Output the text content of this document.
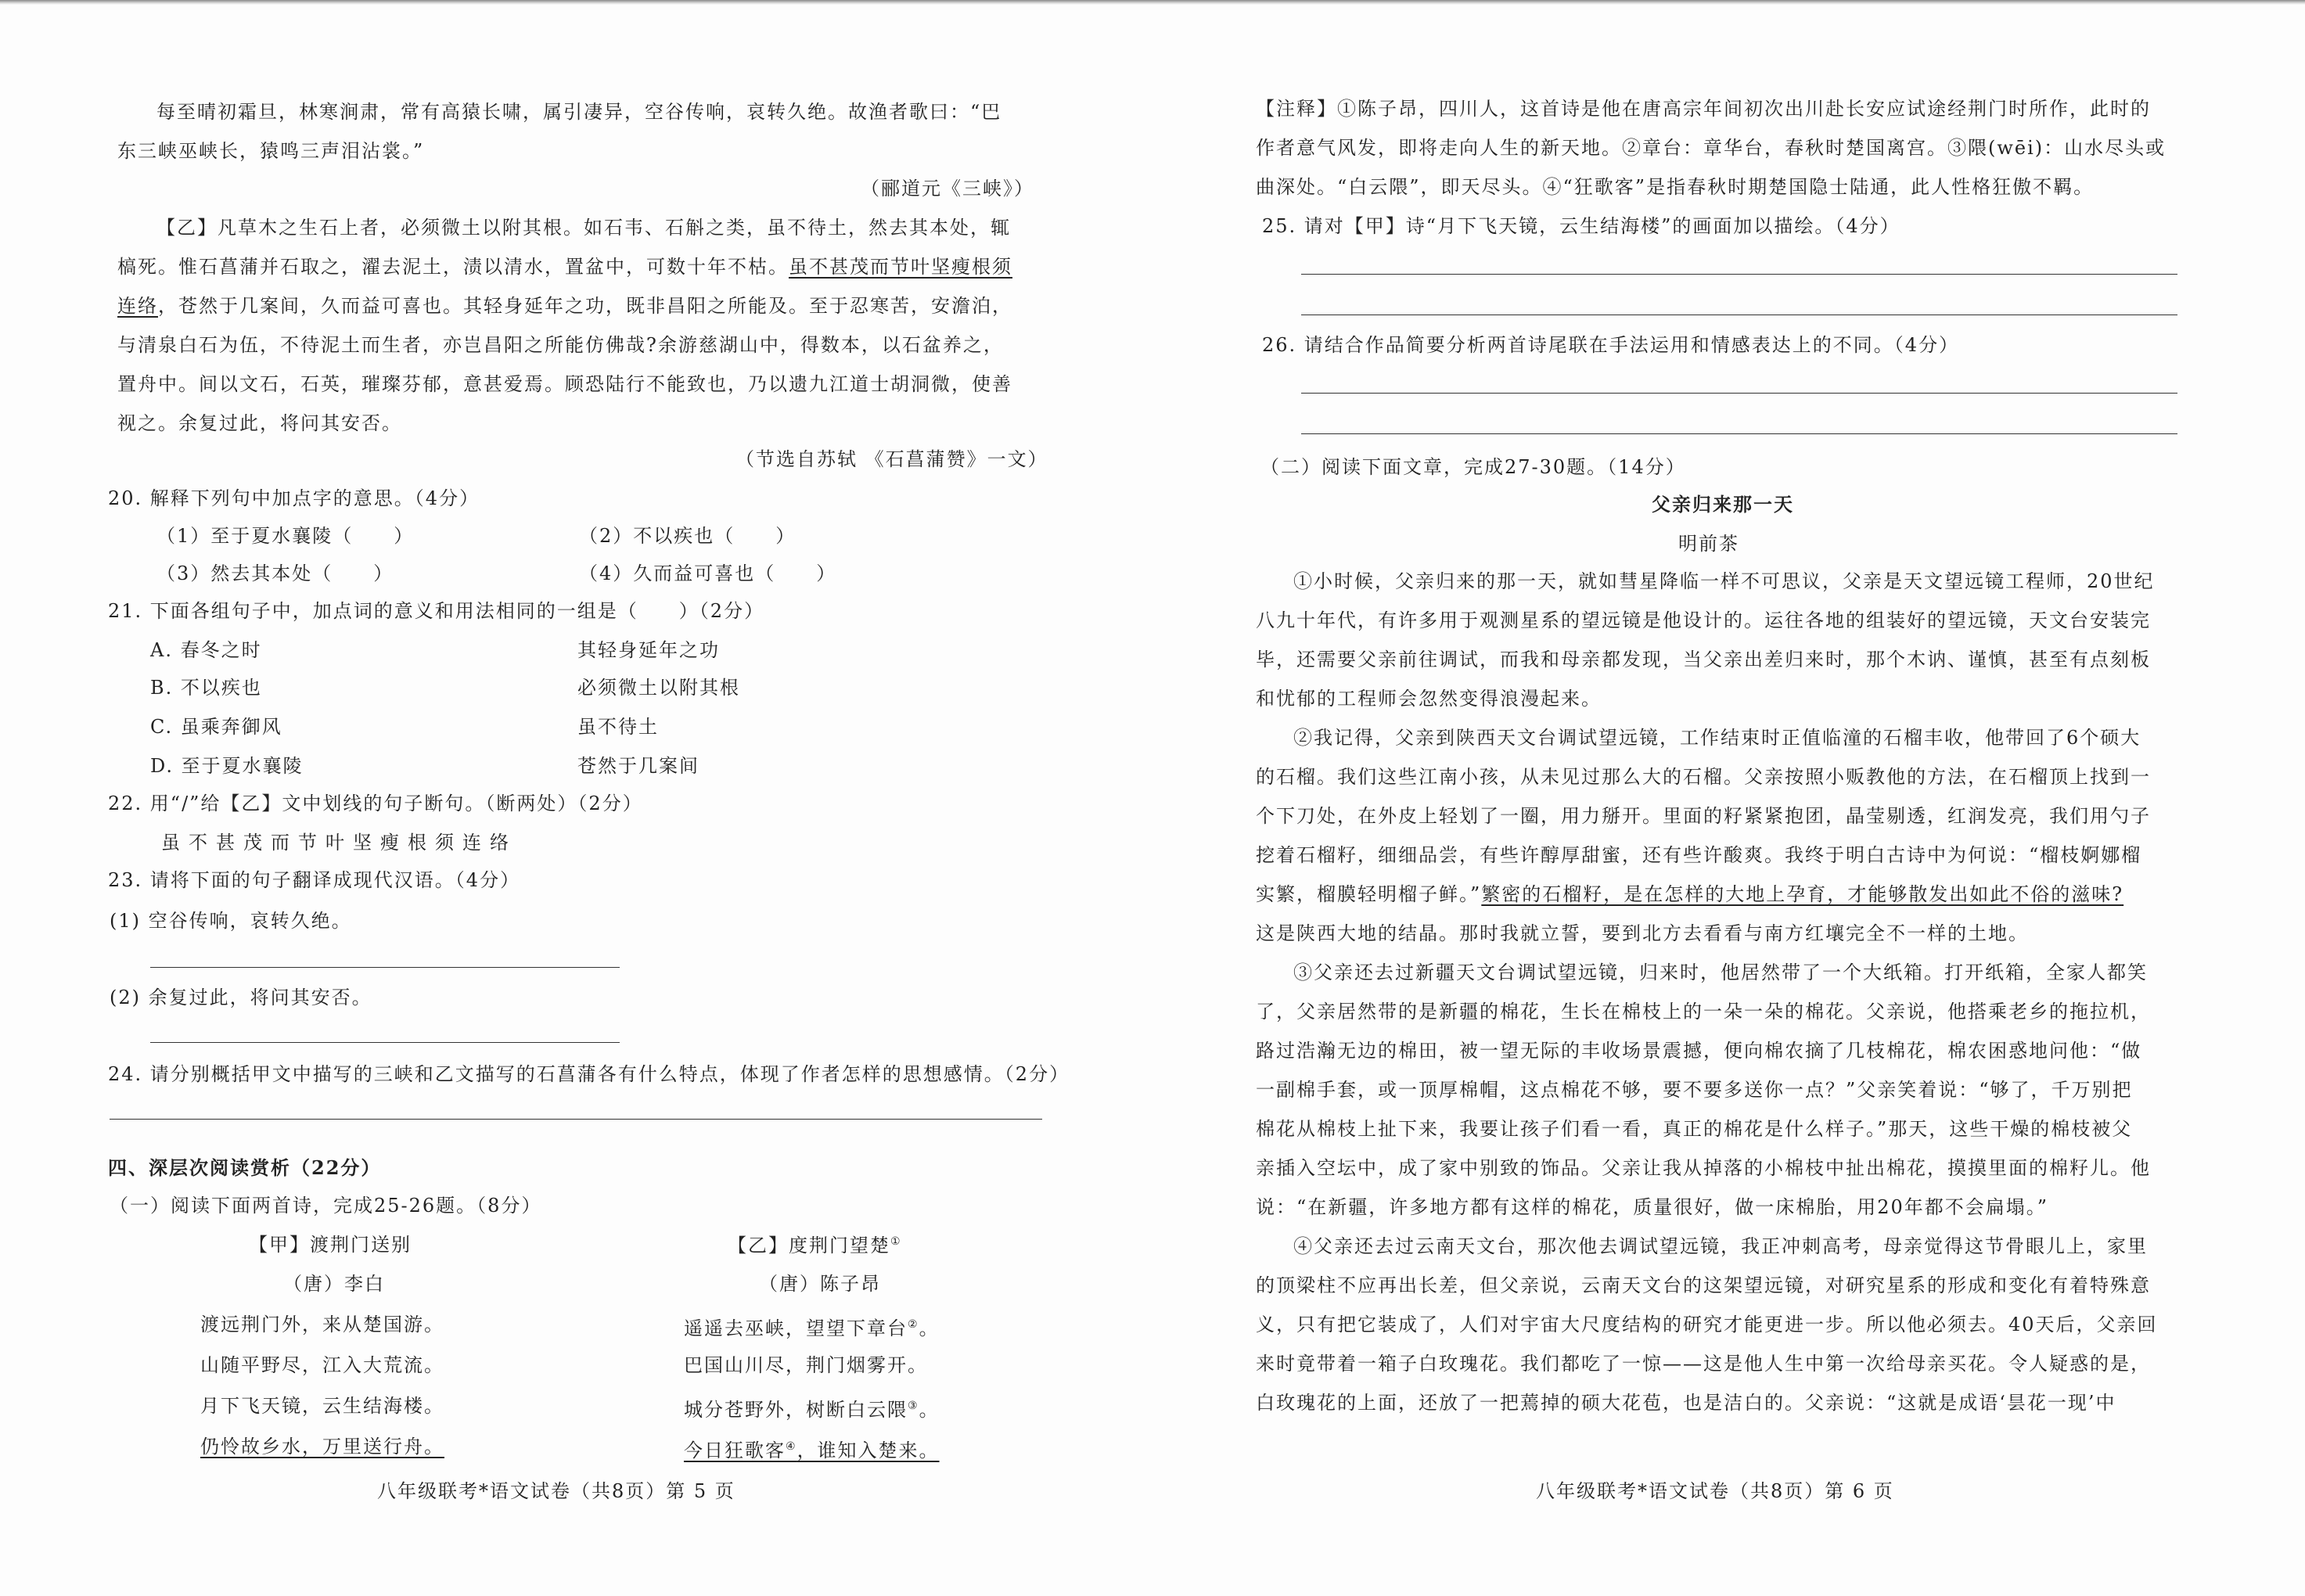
每至晴初霜旦，林寒涧肃，常有高猿长啸，属引凄异，空谷传响，哀转久绝。故渔者歌曰：“巴
东三峡巫峡长，猿鸣三声泪沾裳。”
（郦道元《三峡》）
【乙】凡草木之生石上者，必须微土以附其根。如石韦、石斛之类，虽不待土，然去其本处，辄
槁死。惟石菖蒲并石取之，濯去泥土，渍以清水，置盆中，可数十年不枯。虽不甚茂而节叶坚瘦根须
连络，苍然于几案间，久而益可喜也。其轻身延年之功，既非昌阳之所能及。至于忍寒苦，安澹泊，
与清泉白石为伍，不待泥土而生者，亦岂昌阳之所能仿佛哉?余游慈湖山中，得数本，以石盆养之，
置舟中。间以文石，石英，璀璨芬郁，意甚爱焉。顾恐陆行不能致也，乃以遗九江道士胡洞微，使善
视之。余复过此，将问其安否。
（节选自苏轼 《石菖蒲赞》一文）
20. 解释下列句中加点字的意思。（4分）
（1）至于夏水襄陵（　　）	（2）不以疾也（　　）
（3）然去其本处（　　）	（4）久而益可喜也（　　）
21. 下面各组句子中，加点词的意义和用法相同的一组是（　　）（2分）
A. 春冬之时	其轻身延年之功
B. 不以疾也	必须微土以附其根
C. 虽乘奔御风	虽不待土
D. 至于夏水襄陵	苍然于几案间
22. 用“/”给【乙】文中划线的句子断句。（断两处）（2分）
虽不甚茂而节叶坚瘦根须连络
23. 请将下面的句子翻译成现代汉语。（4分）
(1) 空谷传响，哀转久绝。
(2) 余复过此，将问其安否。
24. 请分别概括甲文中描写的三峡和乙文描写的石菖蒲各有什么特点，体现了作者怎样的思想感情。（2分）
四、深层次阅读赏析（22分）
（一）阅读下面两首诗，完成25-26题。（8分）
【甲】渡荆门送别
（唐）李白
渡远荆门外，来从楚国游。
山随平野尽，江入大荒流。
月下飞天镜，云生结海楼。
仍怜故乡水，万里送行舟。
【乙】度荆门望楚①
（唐）陈子昂
遥遥去巫峡，望望下章台②。
巴国山川尽，荆门烟雾开。
城分苍野外，树断白云隈③。
今日狂歌客④，谁知入楚来。
八年级联考*语文试卷（共8页）第 5 页
【注释】①陈子昂，四川人，这首诗是他在唐高宗年间初次出川赴长安应试途经荆门时所作，此时的
作者意气风发，即将走向人生的新天地。②章台：章华台，春秋时楚国离宫。③隈(wēi)：山水尽头或
曲深处。“白云隈”，即天尽头。④“狂歌客”是指春秋时期楚国隐士陆通，此人性格狂傲不羁。
25. 请对【甲】诗“月下飞天镜，云生结海楼”的画面加以描绘。（4分）
26. 请结合作品简要分析两首诗尾联在手法运用和情感表达上的不同。（4分）
（二）阅读下面文章，完成27-30题。（14分）
父亲归来那一天
明前茶
①小时候，父亲归来的那一天，就如彗星降临一样不可思议，父亲是天文望远镜工程师，20世纪
八九十年代，有许多用于观测星系的望远镜是他设计的。运往各地的组装好的望远镜，天文台安装完
毕，还需要父亲前往调试，而我和母亲都发现，当父亲出差归来时，那个木讷、谨慎，甚至有点刻板
和忧郁的工程师会忽然变得浪漫起来。
②我记得，父亲到陕西天文台调试望远镜，工作结束时正值临潼的石榴丰收，他带回了6个硕大
的石榴。我们这些江南小孩，从未见过那么大的石榴。父亲按照小贩教他的方法，在石榴顶上找到一
个下刀处，在外皮上轻划了一圈，用力掰开。里面的籽紧紧抱团，晶莹剔透，红润发亮，我们用勺子
挖着石榴籽，细细品尝，有些许醇厚甜蜜，还有些许酸爽。我终于明白古诗中为何说：“榴枝婀娜榴
实繁，榴膜轻明榴子鲜。”繁密的石榴籽，是在怎样的大地上孕育，才能够散发出如此不俗的滋味?
这是陕西大地的结晶。那时我就立誓，要到北方去看看与南方红壤完全不一样的土地。
③父亲还去过新疆天文台调试望远镜，归来时，他居然带了一个大纸箱。打开纸箱，全家人都笑
了，父亲居然带的是新疆的棉花，生长在棉枝上的一朵一朵的棉花。父亲说，他搭乘老乡的拖拉机，
路过浩瀚无边的棉田，被一望无际的丰收场景震撼，便向棉农摘了几枝棉花，棉农困惑地问他：“做
一副棉手套，或一顶厚棉帽，这点棉花不够，要不要多送你一点？”父亲笑着说：“够了，千万别把
棉花从棉枝上扯下来，我要让孩子们看一看，真正的棉花是什么样子。”那天，这些干燥的棉枝被父
亲插入空坛中，成了家中别致的饰品。父亲让我从掉落的小棉枝中扯出棉花，摸摸里面的棉籽儿。他
说：“在新疆，许多地方都有这样的棉花，质量很好，做一床棉胎，用20年都不会扁塌。”
④父亲还去过云南天文台，那次他去调试望远镜，我正冲刺高考，母亲觉得这节骨眼儿上，家里
的顶梁柱不应再出长差，但父亲说，云南天文台的这架望远镜，对研究星系的形成和变化有着特殊意
义，只有把它装成了，人们对宇宙大尺度结构的研究才能更进一步。所以他必须去。40天后，父亲回
来时竟带着一箱子白玫瑰花。我们都吃了一惊——这是他人生中第一次给母亲买花。令人疑惑的是，
白玫瑰花的上面，还放了一把蔫掉的硕大花苞，也是洁白的。父亲说：“这就是成语‘昙花一现’中
八年级联考*语文试卷（共8页）第 6 页
